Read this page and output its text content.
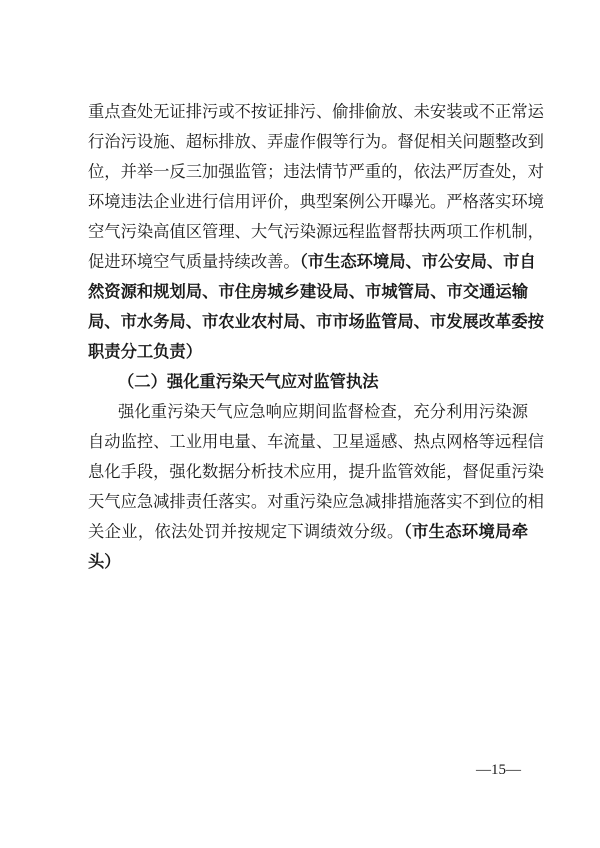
重点查处无证排污或不按证排污、偷排偷放、未安装或不正常运
行治污设施、超标排放、弄虚作假等行为。督促相关问题整改到
位，并举一反三加强监管；违法情节严重的，依法严厉查处，对
环境违法企业进行信用评价，典型案例公开曝光。严格落实环境
空气污染高值区管理、大气污染源远程监督帮扶两项工作机制，
促进环境空气质量持续改善。（市生态环境局、市公安局、市自
然资源和规划局、市住房城乡建设局、市城管局、市交通运输
局、市水务局、市农业农村局、市市场监管局、市发展改革委按
职责分工负责）
（二）强化重污染天气应对监管执法
强化重污染天气应急响应期间监督检查，充分利用污染源
自动监控、工业用电量、车流量、卫星遥感、热点网格等远程信
息化手段，强化数据分析技术应用，提升监管效能，督促重污染
天气应急减排责任落实。对重污染应急减排措施落实不到位的相
关企业，依法处罚并按规定下调绩效分级。（市生态环境局牵
头）
—15—
